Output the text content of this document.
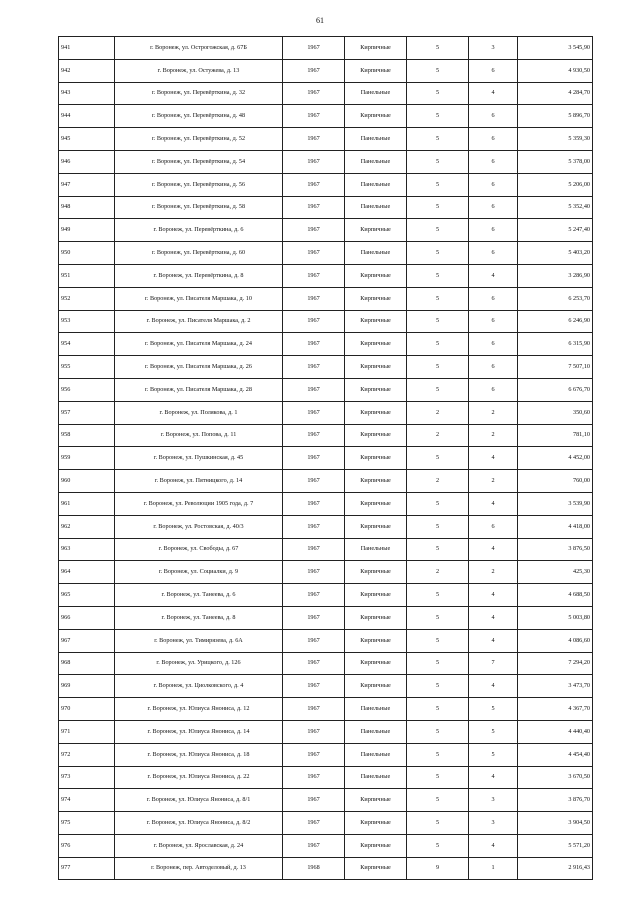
61
941	г. Воронеж, ул. Острогожская, д. 67Б	1967	Кирпичные	5	3	3 545,90
942	г. Воронеж, ул. Остужева, д. 13	1967	Кирпичные	5	6	4 930,50
943	г. Воронеж, ул. Перевёрткина, д. 32	1967	Панельные	5	4	4 284,70
944	г. Воронеж, ул. Перевёрткина, д. 48	1967	Кирпичные	5	6	5 896,70
945	г. Воронеж, ул. Перевёрткина, д. 52	1967	Панельные	5	6	5 359,30
946	г. Воронеж, ул. Перевёрткина, д. 54	1967	Панельные	5	6	5 378,00
947	г. Воронеж, ул. Перевёрткина, д. 56	1967	Панельные	5	6	5 206,00
948	г. Воронеж, ул. Перевёрткина, д. 58	1967	Панельные	5	6	5 352,40
949	г. Воронеж, ул. Перевёрткина, д. 6	1967	Кирпичные	5	6	5 247,40
950	г. Воронеж, ул. Перевёрткина, д. 60	1967	Панельные	5	6	5 403,20
951	г. Воронеж, ул. Перевёрткина, д. 8	1967	Кирпичные	5	4	3 286,90
952	г. Воронеж, ул. Писателя Маршака, д. 10	1967	Кирпичные	5	6	6 253,70
953	г. Воронеж, ул. Писателя Маршака, д. 2	1967	Кирпичные	5	6	6 246,90
954	г. Воронеж, ул. Писателя Маршака, д. 24	1967	Кирпичные	5	6	6 315,90
955	г. Воронеж, ул. Писателя Маршака, д. 26	1967	Кирпичные	5	6	7 507,10
956	г. Воронеж, ул. Писателя Маршака, д. 28	1967	Кирпичные	5	6	6 676,70
957	г. Воронеж, ул. Полякова, д. 1	1967	Кирпичные	2	2	350,60
958	г. Воронеж, ул. Попова, д. 11	1967	Кирпичные	2	2	781,10
959	г. Воронеж, ул. Пушкинская, д. 45	1967	Кирпичные	5	4	4 452,00
960	г. Воронеж, ул. Пятницкого, д. 14	1967	Кирпичные	2	2	760,00
961	г. Воронеж, ул. Революции 1905 года, д. 7	1967	Кирпичные	5	4	3 539,90
962	г. Воронеж, ул. Ростовская, д. 40/3	1967	Кирпичные	5	6	4 418,00
963	г. Воронеж, ул. Свободы, д. 67	1967	Панельные	5	4	3 876,50
964	г. Воронеж, ул. Социалки, д. 9	1967	Кирпичные	2	2	425,30
965	г. Воронеж, ул. Танеева, д. 6	1967	Кирпичные	5	4	4 688,50
966	г. Воронеж, ул. Танеева, д. 8	1967	Кирпичные	5	4	5 003,80
967	г. Воронеж, ул. Тимирязева, д. 6А	1967	Кирпичные	5	4	4 086,60
968	г. Воронеж, ул. Урицкого, д. 126	1967	Кирпичные	5	7	7 294,20
969	г. Воронеж, ул. Циолковского, д. 4	1967	Кирпичные	5	4	3 473,70
970	г. Воронеж, ул. Юлиуса Янониса, д. 12	1967	Панельные	5	5	4 367,70
971	г. Воронеж, ул. Юлиуса Янониса, д. 14	1967	Панельные	5	5	4 440,40
972	г. Воронеж, ул. Юлиуса Янониса, д. 18	1967	Панельные	5	5	4 454,40
973	г. Воронеж, ул. Юлиуса Янониса, д. 22	1967	Панельные	5	4	3 670,50
974	г. Воронеж, ул. Юлиуса Янониса, д. 8/1	1967	Кирпичные	5	3	3 876,70
975	г. Воронеж, ул. Юлиуса Янониса, д. 8/2	1967	Кирпичные	5	3	3 904,50
976	г. Воронеж, ул. Ярославская, д. 24	1967	Кирпичные	5	4	5 571,20
977	г. Воронеж, пер. Автоделовый, д. 13	1968	Кирпичные	9	1	2 916,43
